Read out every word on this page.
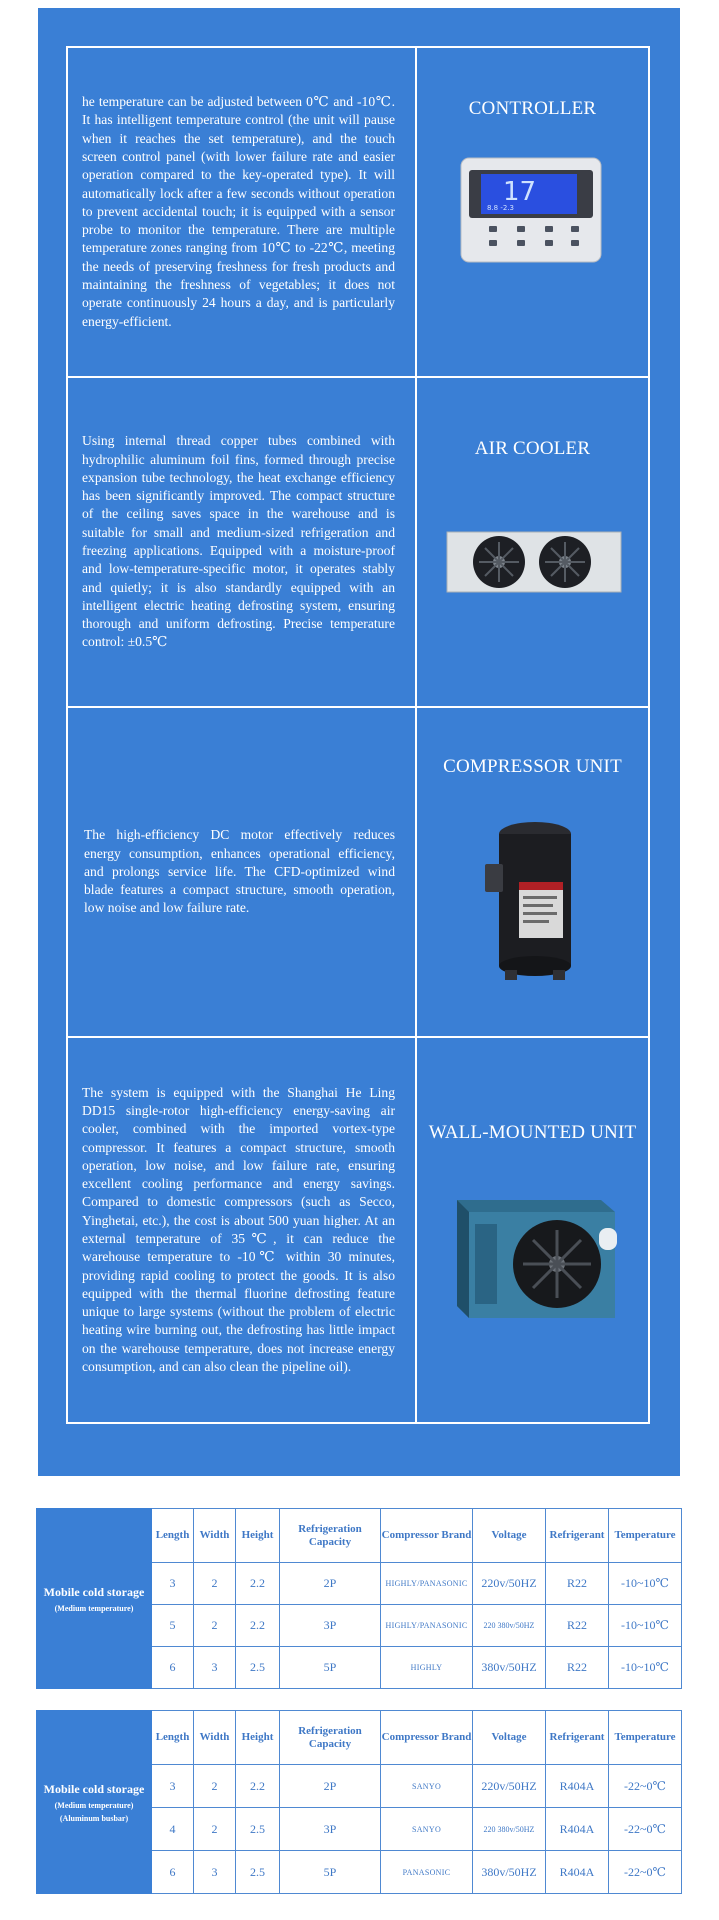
he temperature can be adjusted between 0℃ and -10℃. It has intelligent temperature control (the unit will pause when it reaches the set temperature), and the touch screen control panel (with lower failure rate and easier operation compared to the key-operated type). It will automatically lock after a few seconds without operation to prevent accidental touch; it is equipped with a sensor probe to monitor the temperature. There are multiple temperature zones ranging from 10℃ to -22℃, meeting the needs of preserving freshness for fresh products and maintaining the freshness of vegetables; it does not operate continuously 24 hours a day, and is particularly energy-efficient.

CONTROLLER
17
8.8 -2.3

Using internal thread copper tubes combined with hydrophilic aluminum foil fins, formed through precise expansion tube technology, the heat exchange efficiency has been significantly improved. The compact structure of the ceiling saves space in the warehouse and is suitable for small and medium-sized refrigeration and freezing applications. Equipped with a moisture-proof and low-temperature-specific motor, it operates stably and quietly; it is also standardly equipped with an intelligent electric heating defrosting system, ensuring thorough and uniform defrosting. Precise temperature control: ±0.5℃

AIR COOLER

The high-efficiency DC motor effectively reduces energy consumption, enhances operational efficiency, and prolongs service life. The CFD-optimized wind blade features a compact structure, smooth operation, low noise and low failure rate.

COMPRESSOR UNIT

The system is equipped with the Shanghai He Ling DD15 single-rotor high-efficiency energy-saving air cooler, combined with the imported vortex-type compressor. It features a compact structure, smooth operation, low noise, and low failure rate, ensuring excellent cooling performance and energy savings. Compared to domestic compressors (such as Secco, Yinghetai, etc.), the cost is about 500 yuan higher. At an external temperature of 35℃, it can reduce the warehouse temperature to -10℃ within 30 minutes, providing rapid cooling to protect the goods. It is also equipped with the thermal fluorine defrosting feature unique to large systems (without the problem of electric heating wire burning out, the defrosting has little impact on the warehouse temperature, does not increase energy consumption, and can also clean the pipeline oil).

WALL-MOUNTED UNIT
Mobile cold storage
(Medium temperature)	Length	Width	Height	Refrigeration Capacity	Compressor Brand	Voltage	Refrigerant	Temperature
	3	2	2.2	2P	HIGHLY/PANASONIC	220v/50HZ	R22	-10~10℃
	5	2	2.2	3P	HIGHLY/PANASONIC	220 380v/50HZ	R22	-10~10℃
	6	3	2.5	5P	HIGHLY	380v/50HZ	R22	-10~10℃
Mobile cold storage
(Medium temperature)
(Aluminum busbar)	Length	Width	Height	Refrigeration Capacity	Compressor Brand	Voltage	Refrigerant	Temperature
	3	2	2.2	2P	SANYO	220v/50HZ	R404A	-22~0℃
	4	2	2.5	3P	SANYO	220 380v/50HZ	R404A	-22~0℃
	6	3	2.5	5P	PANASONIC	380v/50HZ	R404A	-22~0℃
